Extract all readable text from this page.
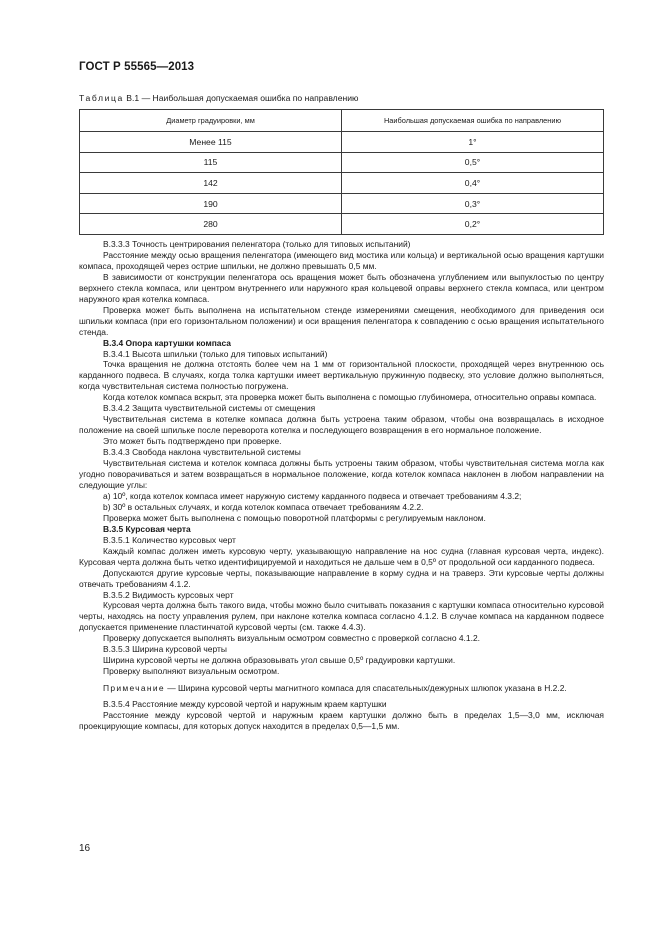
ГОСТ Р 55565—2013
Таблица В.1 — Наибольшая допускаемая ошибка по направлению
Диаметр градуировки, мм	Наибольшая допускаемая ошибка по направлению
Менее 115	1°
115	0,5°
142	0,4°
190	0,3°
280	0,2°

В.3.3.3 Точность центрирования пеленгатора (только для типовых испытаний)

Расстояние между осью вращения пеленгатора (имеющего вид мостика или кольца) и вертикальной осью вращения картушки компаса, проходящей через острие шпильки, не должно превышать 0,5 мм.

В зависимости от конструкции пеленгатора ось вращения может быть обозначена углублением или выпуклостью по центру верхнего стекла компаса, или центром внутреннего или наружного края кольцевой оправы верхнего стекла компаса, или центром наружного края котелка компаса.

Проверка может быть выполнена на испытательном стенде измерениями смещения, необходимого для приведения оси шпильки компаса (при его горизонтальном положении) и оси вращения пеленгатора к совпадению с осью вращения испытательного стенда.

В.3.4 Опора картушки компаса

В.3.4.1 Высота шпильки (только для типовых испытаний)

Точка вращения не должна отстоять более чем на 1 мм от горизонтальной плоскости, проходящей через внутреннюю ось карданного подвеса. В случаях, когда толка картушки имеет вертикальную пружинную подвеску, это условие должно выполняться, когда чувствительная система полностью погружена.

Когда котелок компаса вскрыт, эта проверка может быть выполнена с помощью глубиномера, относительно оправы компаса.

В.3.4.2 Защита чувствительной системы от смещения

Чувствительная система в котелке компаса должна быть устроена таким образом, чтобы она возвращалась в исходное положение на своей шпильке после переворота котелка и последующего возвращения в его нормальное положение.

Это может быть подтверждено при проверке.

В.3.4.3 Свобода наклона чувствительной системы

Чувствительная система и котелок компаса должны быть устроены таким образом, чтобы чувствительная система могла как угодно поворачиваться и затем возвращаться в нормальное положение, когда котелок компаса наклонен в любом направлении на следующие углы:

а) 10º, когда котелок компаса имеет наружную систему карданного подвеса и отвечает требованиям 4.3.2;

b) 30º в остальных случаях, и когда котелок компаса отвечает требованиям 4.2.2.

Проверка может быть выполнена с помощью поворотной платформы с регулируемым наклоном.

В.3.5 Курсовая черта

В.3.5.1 Количество курсовых черт

Каждый компас должен иметь курсовую черту, указывающую направление на нос судна (главная курсовая черта, индекс). Курсовая черта должна быть четко идентифицируемой и находиться не дальше чем в 0,5º от продольной оси карданного подвеса.

Допускаются другие курсовые черты, показывающие направление в корму судна и на траверз. Эти курсовые черты должны отвечать требованиям 4.1.2.

В.3.5.2 Видимость курсовых черт

Курсовая черта должна быть такого вида, чтобы можно было считывать показания с картушки компаса относительно курсовой черты, находясь на посту управления рулем, при наклоне котелка компаса согласно 4.1.2. В случае компаса на карданном подвесе допускается применение пластинчатой курсовой черты (см. также 4.4.3).

Проверку допускается выполнять визуальным осмотром совместно с проверкой согласно 4.1.2.

В.3.5.3 Ширина курсовой черты

Ширина курсовой черты не должна образовывать угол свыше 0,5º градуировки картушки.

Проверку выполняют визуальным осмотром.

Примечание — Ширина курсовой черты магнитного компаса для спасательных/дежурных шлюпок указана в Н.2.2.

В.3.5.4 Расстояние между курсовой чертой и наружным краем картушки

Расстояние между курсовой чертой и наружным краем картушки должно быть в пределах 1,5—3,0 мм, исключая проекцирующие компасы, для которых допуск находится в пределах 0,5—1,5 мм.

16
